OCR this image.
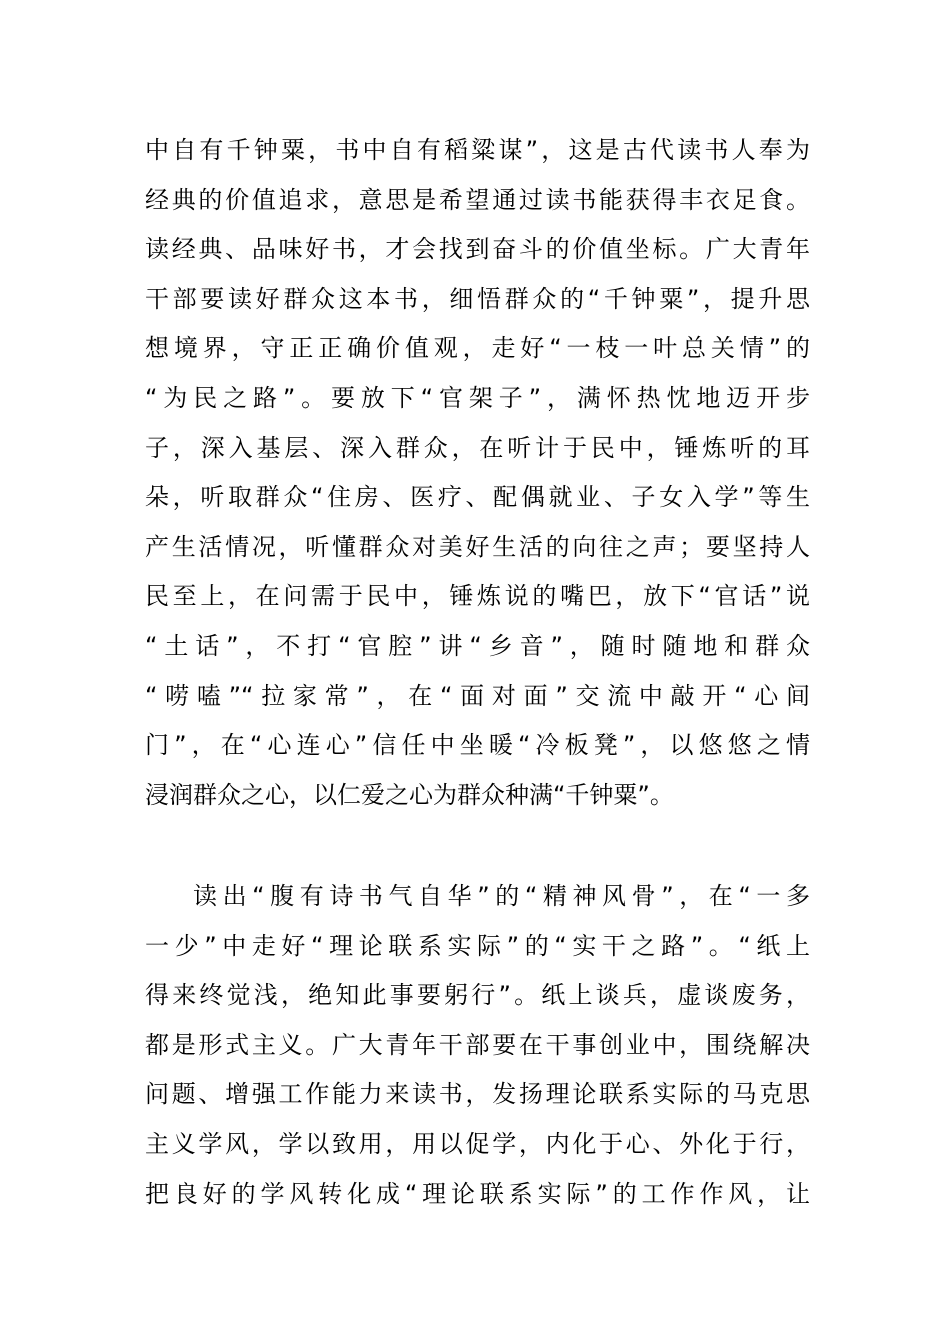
中自有千钟粟，书中自有稻粱谋”，这是古代读书人奉为
经典的价值追求，意思是希望通过读书能获得丰衣足食。
读经典、品味好书，才会找到奋斗的价值坐标。广大青年
干部要读好群众这本书，细悟群众的“千钟粟”，提升思
想境界，守正正确价值观，走好“一枝一叶总关情”的
“为民之路”。要放下“官架子”，满怀热忱地迈开步
子，深入基层、深入群众，在听计于民中，锤炼听的耳
朵，听取群众“住房、医疗、配偶就业、子女入学”等生
产生活情况，听懂群众对美好生活的向往之声；要坚持人
民至上，在问需于民中，锤炼说的嘴巴，放下“官话”说
“土话”，不打“官腔”讲“乡音”，随时随地和群众
“唠嗑”“拉家常”，在“面对面”交流中敲开“心间
门”，在“心连心”信任中坐暖“冷板凳”，以悠悠之情
浸润群众之心，以仁爱之心为群众种满“千钟粟”。
读出“腹有诗书气自华”的“精神风骨”，在“一多
一少”中走好“理论联系实际”的“实干之路”。“纸上
得来终觉浅，绝知此事要躬行”。纸上谈兵，虚谈废务，
都是形式主义。广大青年干部要在干事创业中，围绕解决
问题、增强工作能力来读书，发扬理论联系实际的马克思
主义学风，学以致用，用以促学，内化于心、外化于行，
把良好的学风转化成“理论联系实际”的工作作风，让
